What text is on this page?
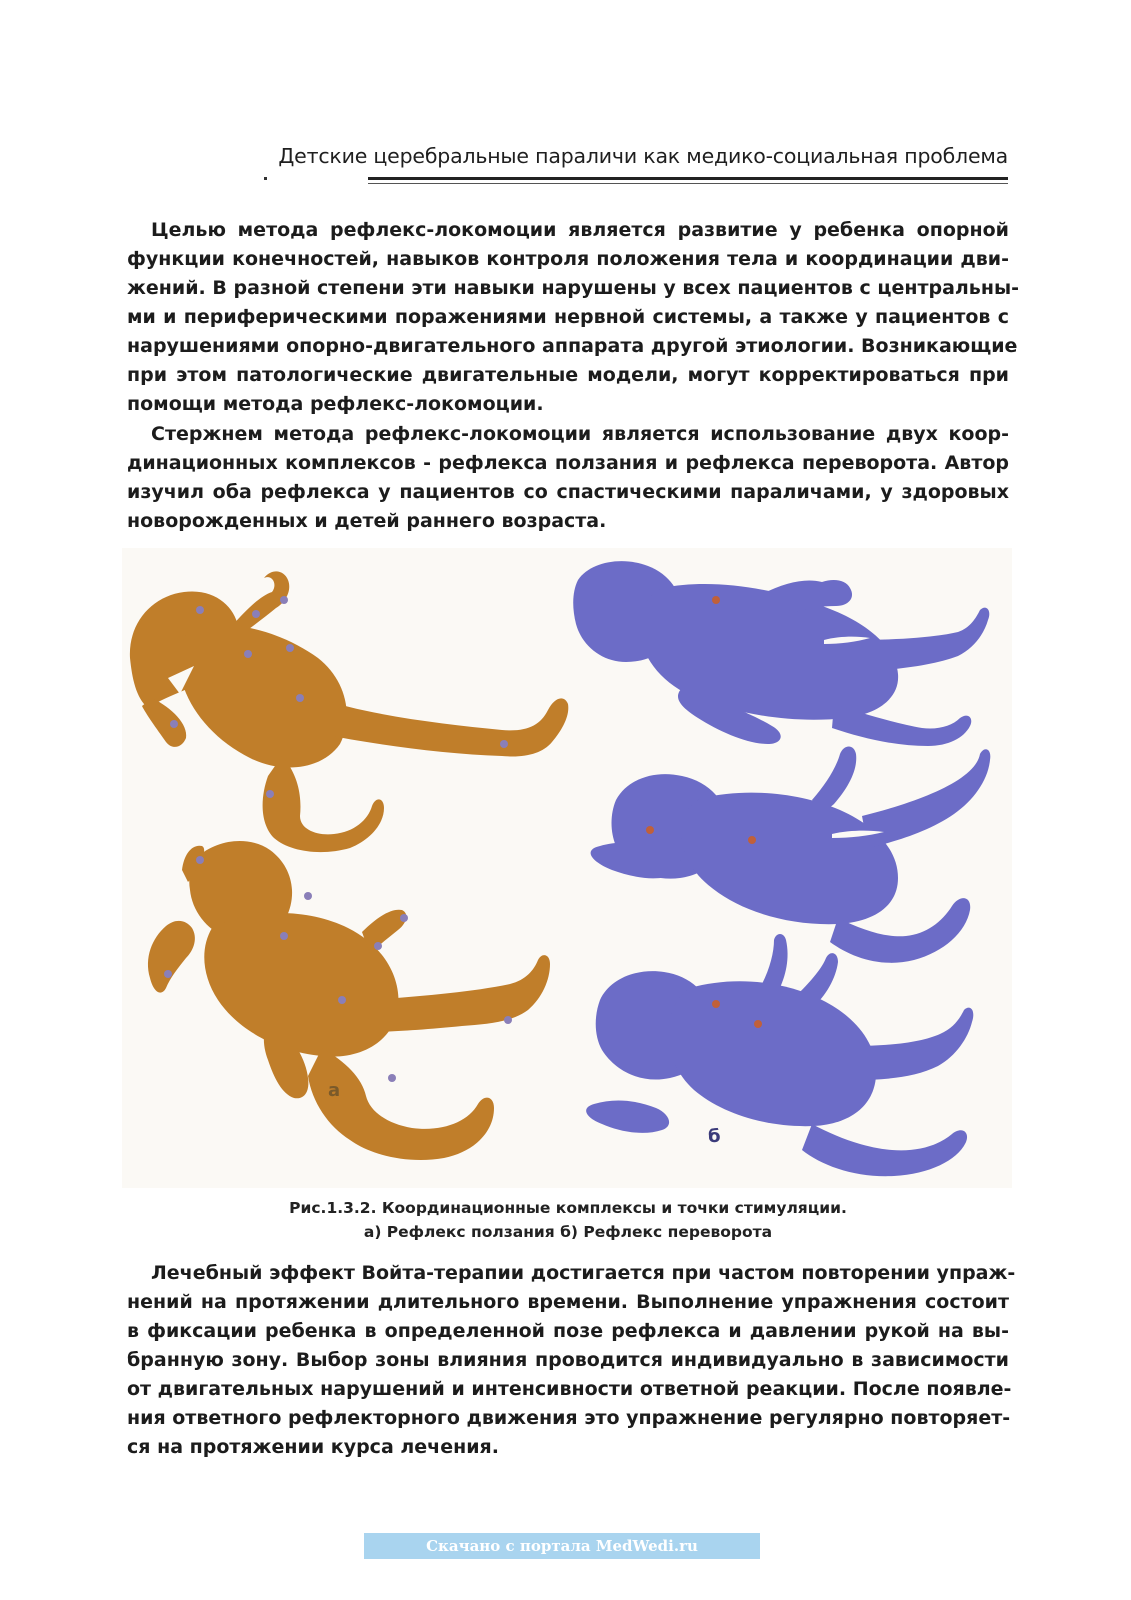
Детские церебральные параличи как медико-социальная проблема
Целью метода рефлекс-локомоции является развитие у ребенка опорной
функции конечностей, навыков контроля положения тела и координации дви-
жений. В разной степени эти навыки нарушены у всех пациентов с центральны-
ми и периферическими поражениями нервной системы, а также у пациентов с
нарушениями опорно-двигательного аппарата другой этиологии. Возникающие
при этом патологические двигательные модели, могут корректироваться при
помощи метода рефлекс-локомоции.
Стержнем метода рефлекс-локомоции является использование двух коор-
динационных комплексов - рефлекса ползания и рефлекса переворота. Автор
изучил оба рефлекса у пациентов со спастическими параличами, у здоровых
новорожденных и детей раннего возраста.
а
б
Рис.1.3.2. Координационные комплексы и точки стимуляции.
а) Рефлекс ползания б) Рефлекс переворота
Лечебный эффект Войта-терапии достигается при частом повторении упраж-
нений на протяжении длительного времени. Выполнение упражнения состоит
в фиксации ребенка в определенной позе рефлекса и давлении рукой на вы-
бранную зону. Выбор зоны влияния проводится индивидуально в зависимости
от двигательных нарушений и интенсивности ответной реакции. После появле-
ния ответного рефлекторного движения это упражнение регулярно повторяет-
ся на протяжении курса лечения.
Скачано с портала MedWedi.ru
